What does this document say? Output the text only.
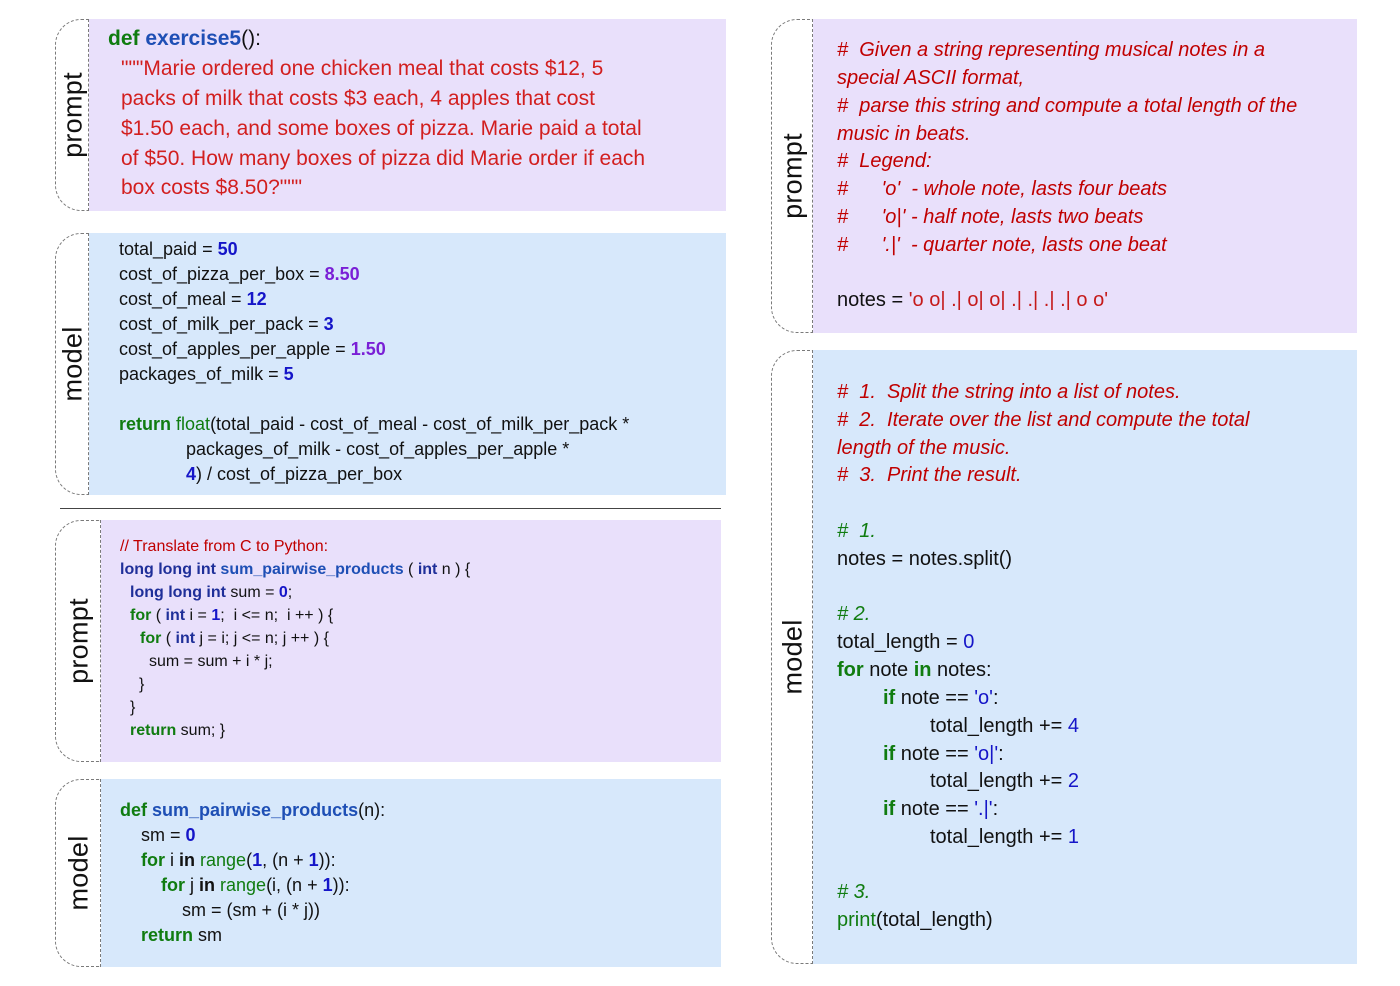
prompt
def exercise5():
"""Marie ordered one chicken meal that costs $12, 5
packs of milk that costs $3 each, 4 apples that cost
$1.50 each, and some boxes of pizza. Marie paid a total
of $50. How many boxes of pizza did Marie order if each
box costs $8.50?"""
model
total_paid = 50
cost_of_pizza_per_box = 8.50
cost_of_meal = 12
cost_of_milk_per_pack = 3
cost_of_apples_per_apple = 1.50
packages_of_milk = 5
return float(total_paid - cost_of_meal - cost_of_milk_per_pack *
packages_of_milk - cost_of_apples_per_apple *
4) / cost_of_pizza_per_box
prompt
// Translate from C to Python:
long long int sum_pairwise_products ( int n ) {
long long int sum = 0;
for ( int i = 1;  i <= n;  i ++ ) {
for ( int j = i; j <= n; j ++ ) {
sum = sum + i * j;
}
}
return sum; }
model
def sum_pairwise_products(n):
sm = 0
for i in range(1, (n + 1)):
for j in range(i, (n + 1)):
sm = (sm + (i * j))
return sm
prompt
#  Given a string representing musical notes in a
special ASCII format,
#  parse this string and compute a total length of the
music in beats.
#  Legend:
#      'o'  - whole note, lasts four beats
#      'o|' - half note, lasts two beats
#      '.|'  - quarter note, lasts one beat
notes = 'o o| .| o| o| .| .| .| .| o o'
model
#  1.  Split the string into a list of notes.
#  2.  Iterate over the list and compute the total
length of the music.
#  3.  Print the result.
#  1.
notes = notes.split()
# 2.
total_length = 0
for note in notes:
if note == 'o':
total_length += 4
if note == 'o|':
total_length += 2
if note == '.|':
total_length += 1
# 3.
print(total_length)
